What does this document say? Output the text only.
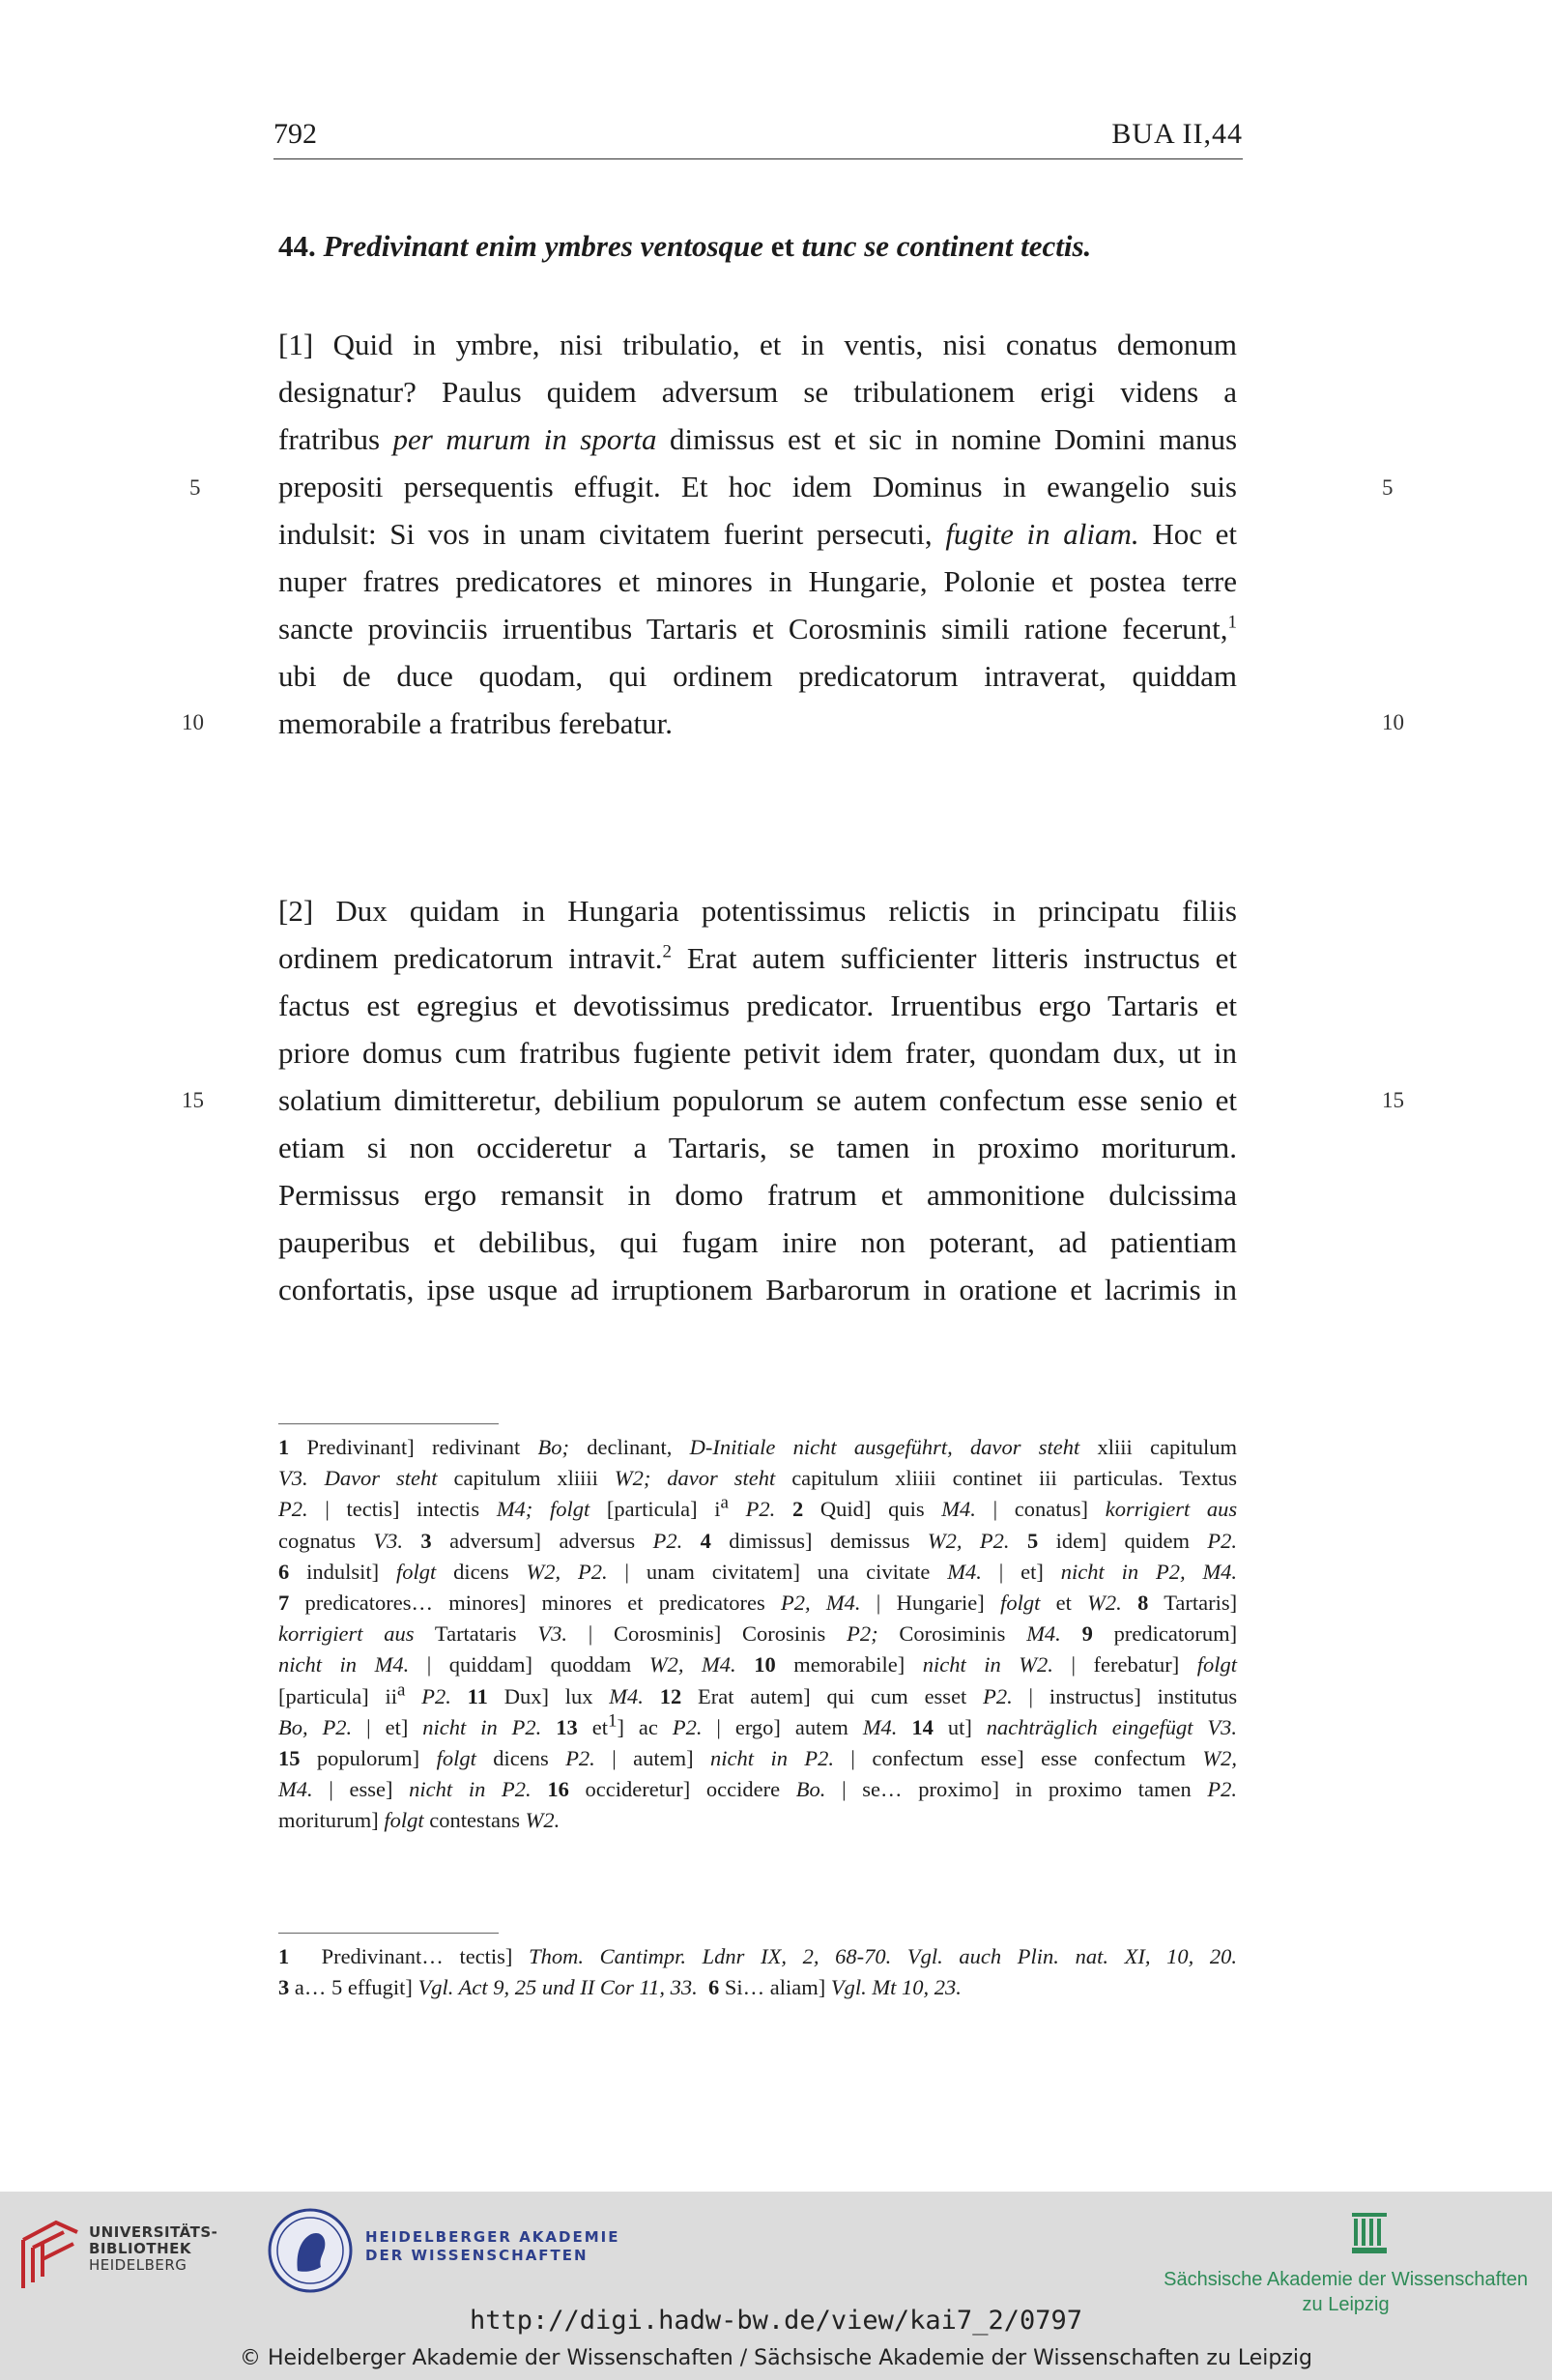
792	BUA II,44
44. Predivinant enim ymbres ventosque et tunc se continent tectis.
[1] Quid in ymbre, nisi tribulatio, et in ventis, nisi conatus demonum
designatur? Paulus quidem adversum se tribulationem erigi videns a
fratribus per murum in sporta dimissus est et sic in nomine Domini manus
prepositi persequentis effugit. Et hoc idem Dominus in ewangelio suis
indulsit: Si vos in unam civitatem fuerint persecuti, fugite in aliam. Hoc et
nuper fratres predicatores et minores in Hungarie, Polonie et postea terre
sancte provinciis irruentibus Tartaris et Corosminis simili ratione fecerunt,$^1$
ubi de duce quodam, qui ordinem predicatorum intraverat, quiddam
memorabile a fratribus ferebatur.
[2] Dux quidam in Hungaria potentissimus relictis in principatu filiis
ordinem predicatorum intravit.$^2$ Erat autem sufficienter litteris instructus et
factus est egregius et devotissimus predicator. Irruentibus ergo Tartaris et
priore domus cum fratribus fugiente petivit idem frater, quondam dux, ut in
solatium dimitteretur, debilium populorum se autem confectum esse senio et
etiam si non occideretur a Tartaris, se tamen in proximo moriturum.
Permissus ergo remansit in domo fratrum et ammonitione dulcissima
pauperibus et debilibus, qui fugam inire non poterant, ad patientiam
confortatis, ipse usque ad irruptionem Barbarorum in oratione et lacrimis in
5	5
10	10
15	15
1 Predivinant] redivinant Bo; declinant, D-Initiale nicht ausgeführt, davor steht xliii capitulum
V3. Davor steht capitulum xliiii W2; davor steht capitulum xliiii continet iii particulas. Textus
P2. | tectis] intectis M4; folgt [particula] $i^a$ P2. 2 Quid] quis M4. | conatus] korrigiert aus
cognatus V3. 3 adversum] adversus P2. 4 dimissus] demissus W2, P2. 5 idem] quidem P2.
6 indulsit] folgt dicens W2, P2. | unam civitatem] una civitate M4. | et] nicht in P2, M4.
7 predicatores… minores] minores et predicatores P2, M4. | Hungarie] folgt et W2. 8 Tartaris]
korrigiert aus Tartataris V3. | Corosminis] Corosinis P2; Corosiminis M4. 9 predicatorum]
nicht in M4. | quiddam] quoddam W2, M4. 10 memorabile] nicht in W2. | ferebatur] folgt
[particula] $ii^a$ P2. 11 Dux] lux M4. 12 Erat autem] qui cum esset P2. | instructus] institutus
Bo, P2. | et] nicht in P2. 13 $et^1$] ac P2. | ergo] autem M4. 14 ut] nachträglich eingefügt V3.
15 populorum] folgt dicens P2. | autem] nicht in P2. | confectum esse] esse confectum W2,
M4. | esse] nicht in P2. 16 occideretur] occidere Bo. | se… proximo] in proximo tamen P2.
moriturum] folgt contestans W2.
1 Predivinant… tectis] Thom. Cantimpr. Ldnr IX, 2, 68-70. Vgl. auch Plin. nat. XI, 10, 20.
3 a… 5 effugit] Vgl. Act 9, 25 und II Cor 11, 33. 6 Si… aliam] Vgl. Mt 10, 23.
UNIVERSITÄTS-
BIBLIOTHEK
HEIDELBERG
HEIDELBERGER AKADEMIE
DER WISSENSCHAFTEN
Sächsische Akademie der Wissenschaften
zu Leipzig
http://digi.hadw-bw.de/view/kai7_2/0797
© Heidelberger Akademie der Wissenschaften / Sächsische Akademie der Wissenschaften zu Leipzig
